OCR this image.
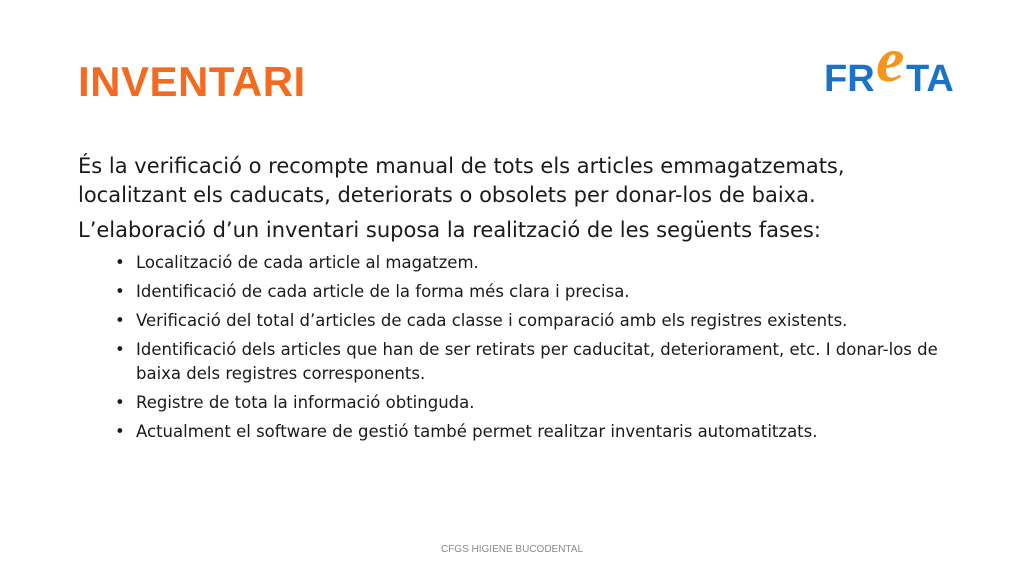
INVENTARI	FR e TA

És la verificació o recompte manual de tots els articles emmagatzemats, localitzant els caducats, deteriorats o obsolets per donar-los de baixa.

L’elaboració d’un inventari suposa la realització de les següents fases:

• Localització de cada article al magatzem.
• Identificació de cada article de la forma més clara i precisa.
• Verificació del total d’articles de cada classe i comparació amb els registres existents.
• Identificació dels articles que han de ser retirats per caducitat, deteriorament, etc. I donar-los de baixa dels registres corresponents.
• Registre de tota la informació obtinguda.
• Actualment el software de gestió també permet realitzar inventaris automatitzats.
CFGS HIGIENE BUCODENTAL
